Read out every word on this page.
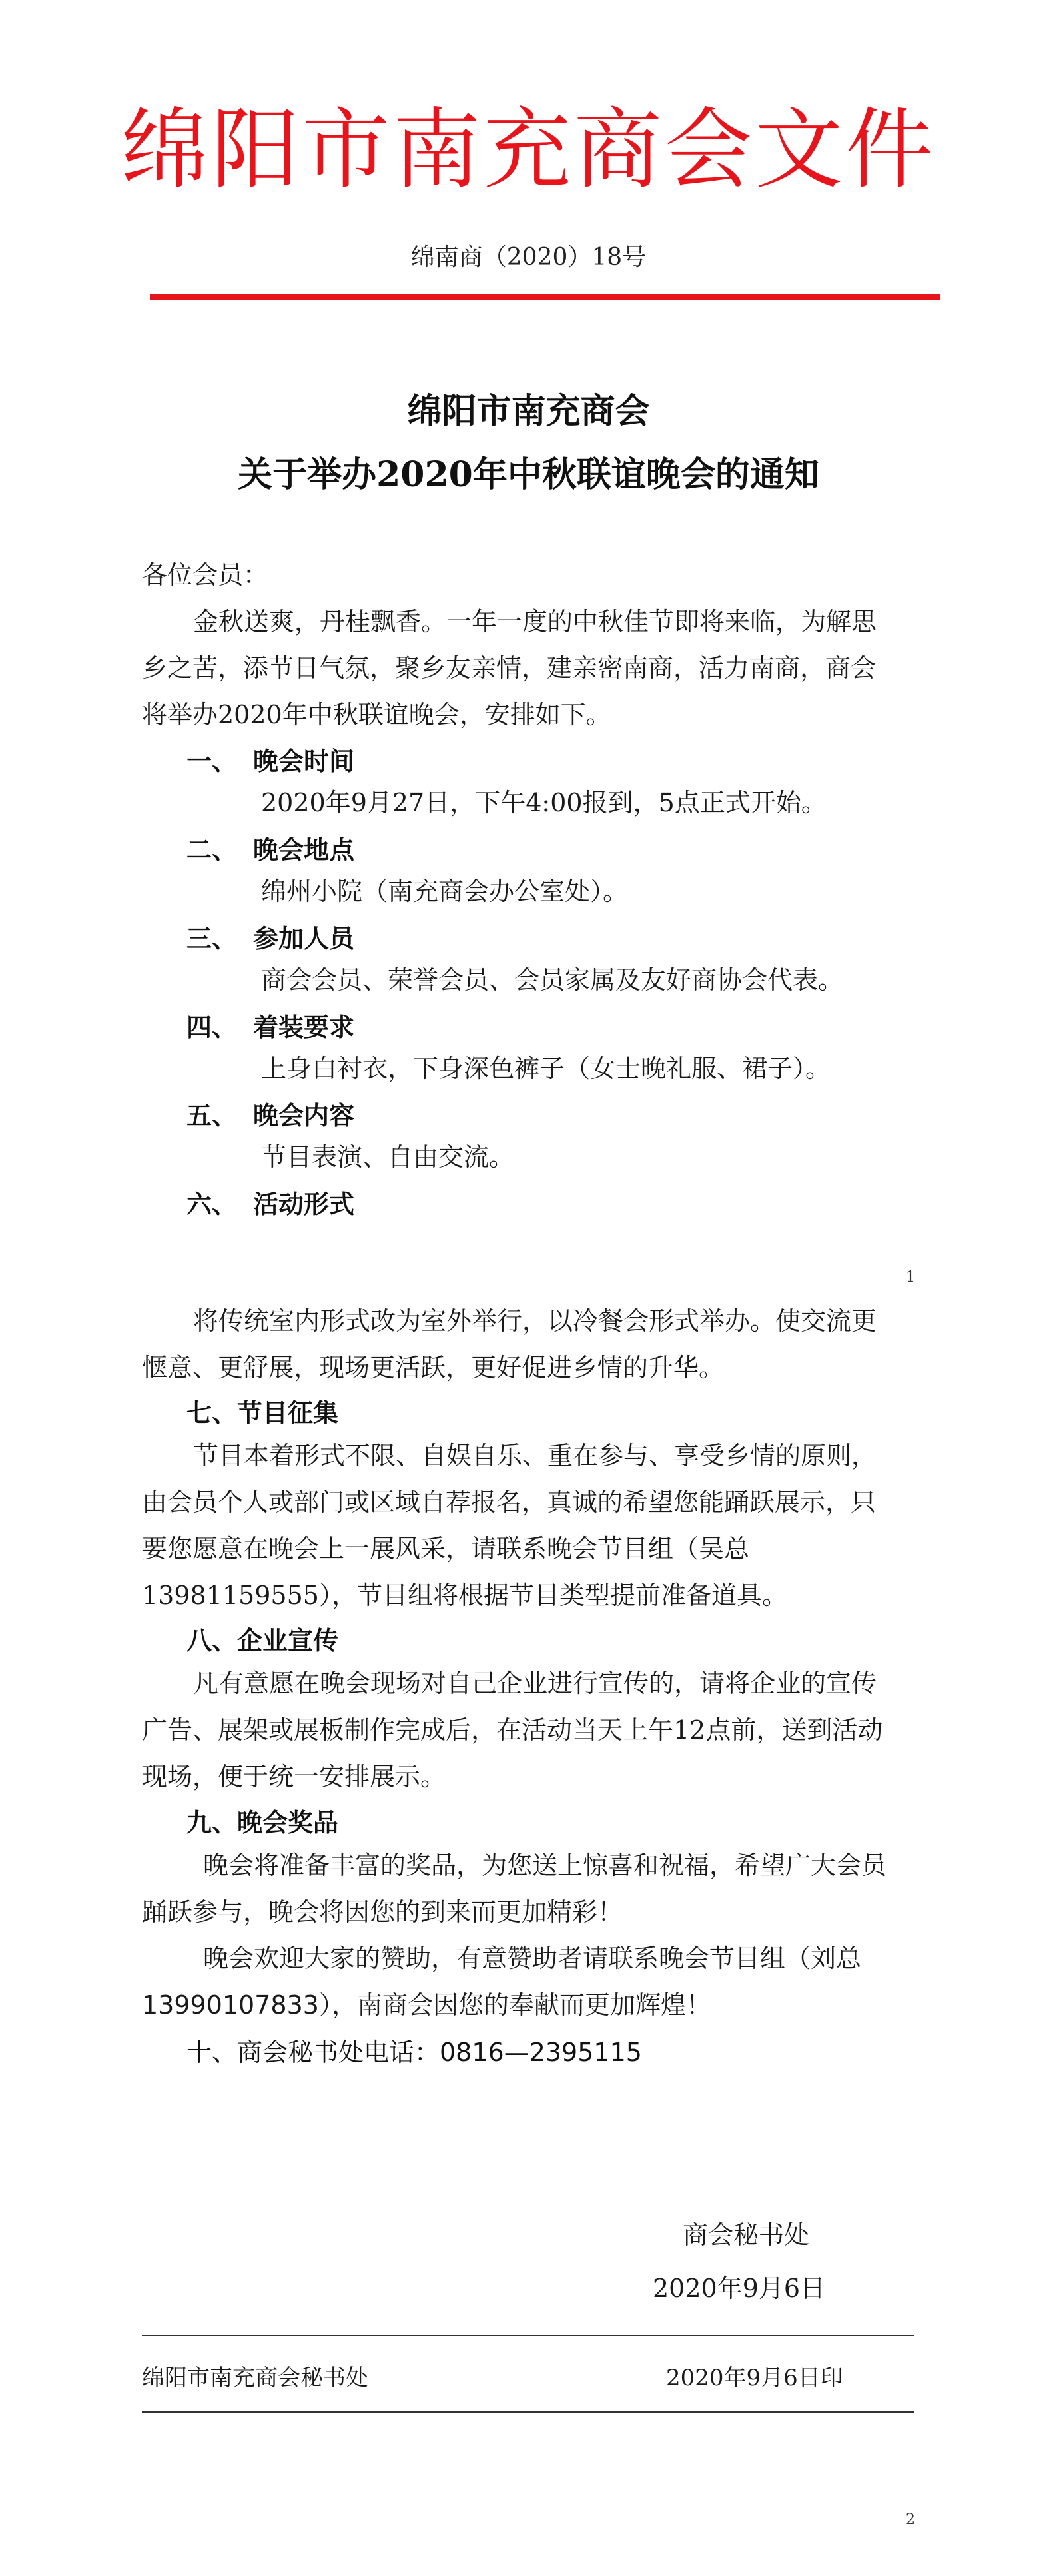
绵阳市南充商会文件
绵南商（2020）18号
绵阳市南充商会
关于举办2020年中秋联谊晚会的通知
各位会员：
金秋送爽，丹桂飘香。一年一度的中秋佳节即将来临，为解思
乡之苦，添节日气氛，聚乡友亲情，建亲密南商，活力南商，商会
将举办2020年中秋联谊晚会，安排如下。
一、 晚会时间
2020年9月27日，下午4:00报到，5点正式开始。
二、 晚会地点
绵州小院（南充商会办公室处）。
三、 参加人员
商会会员、荣誉会员、会员家属及友好商协会代表。
四、 着装要求
上身白衬衣，下身深色裤子（女士晚礼服、裙子）。
五、 晚会内容
节目表演、自由交流。
六、 活动形式
1
将传统室内形式改为室外举行，以冷餐会形式举办。使交流更
惬意、更舒展，现场更活跃，更好促进乡情的升华。
七、节目征集
节目本着形式不限、自娱自乐、重在参与、享受乡情的原则，
由会员个人或部门或区域自荐报名，真诚的希望您能踊跃展示，只
要您愿意在晚会上一展风采，请联系晚会节目组（吴总
13981159555），节目组将根据节目类型提前准备道具。
八、企业宣传
凡有意愿在晚会现场对自己企业进行宣传的，请将企业的宣传
广告、展架或展板制作完成后，在活动当天上午12点前，送到活动
现场，便于统一安排展示。
九、晚会奖品
晚会将准备丰富的奖品，为您送上惊喜和祝福，希望广大会员
踊跃参与，晚会将因您的到来而更加精彩！
晚会欢迎大家的赞助，有意赞助者请联系晚会节目组（刘总
13990107833），南商会因您的奉献而更加辉煌！
十、商会秘书处电话：0816—2395115
商会秘书处
2020年9月6日
绵阳市南充商会秘书处	2020年9月6日印
2
